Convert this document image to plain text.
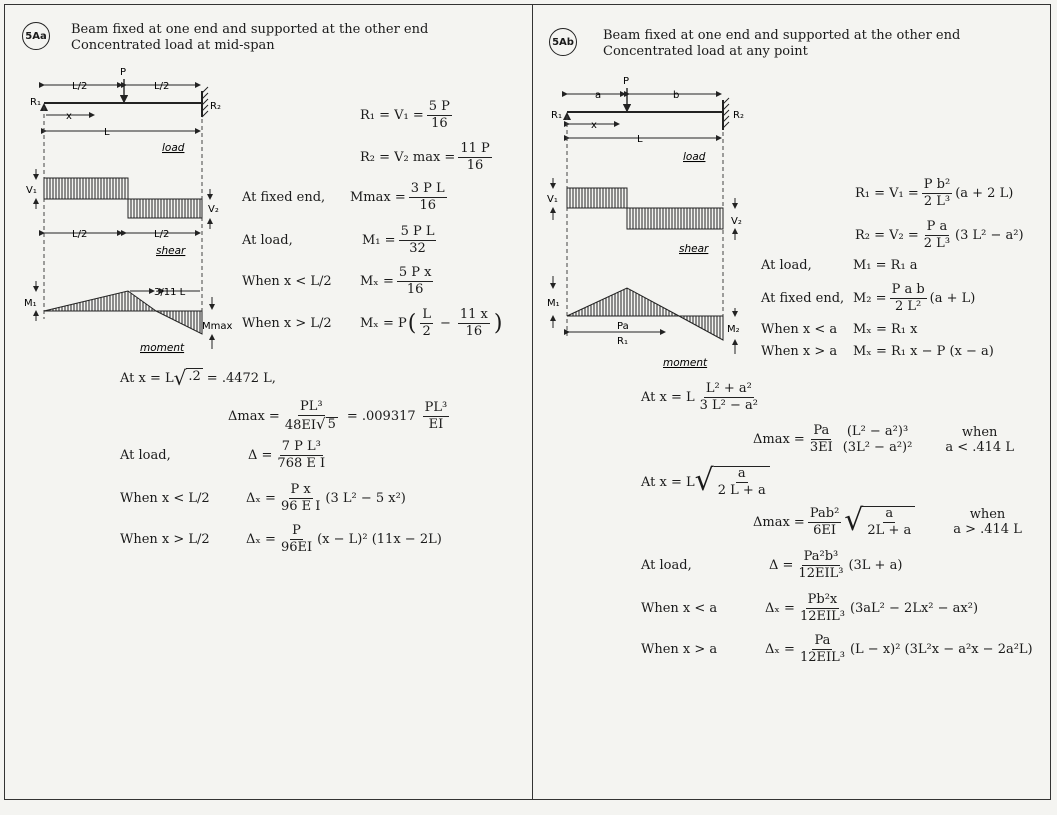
5Aa Beam fixed at one end and supported at the other end
Concentrated load at mid-span
L/2	L/2
P
R₁	R₂
x
L
load
V₁
V₂
L/2	L/2
shear
M₁
3/11 L
Mmax
moment
$R_1 = V_1 = \frac{5 P}{16}$
R₂ = V₂ $\max = \frac{11 P}{16}$
At fixed end,	$Mmax = \frac{\text{3 P L}}{16}$
At load,	$M_1 = \frac{\text{5 P L}}{32}$
When x < L/2	$M_x = \frac{\text{5 P x}}{16}$
When x > L/2	Mₓ = P ( $\frac{L}{2} - \frac{11 x}{16}$ )
At x = L √ .2 = .4472 L,
$\Delta\max = \frac{\text{PL³}}{48EI √ 5} = .009317 \frac{\text{PL³}}{EI}$
At load,	$\Delta = \frac{\text{7 P L³}}{\text{768 E I}}$
When x < L/2	$\Delta_x = \frac{\text{P x}}{\text{96 E I}} (3$ L² − 5 x²)
When x > L/2	$\Delta_x = \frac{P}{96EI} (x - L)^2$ (11x − 2L)
5Ab Beam fixed at one end and supported at the other end
Concentrated load at any point
a	b
P
R₁	R₂
x
L
load
V₁
V₂
shear
M₁
M₂
Pa
R₁
moment
$R_1 = V_1 = \frac{\text{P b²}}{\text{2 L³}} (a + 2$ L)
$R_2 = V_2 = \frac{\text{P a}}{\text{2 L³}} (3$ L² − a²)
At load,	M₁ = R₁ a
At fixed end, $M_2 = \frac{\text{P a b}}{\text{2 L²}} (a + L)$
When x < a	Mₓ = R₁ x
When x > a	Mₓ = R₁ x − P (x − a)
At x = L $\frac{\text{L² + a²}}{\text{3 L² − a²}}$
$\Delta\max = \frac{Pa}{3EI} (L^2 - a^2)^3$
(3L² − a²)²
when
a < .414 L
At x = L √ $\frac{a}{2 L + a}$
$\Delta\max = \frac{\text{Pab²}}{6EI}$ √ $\frac{a}{2L + a}$	when
a > .414 L
At load,	$\Delta = \frac{\text{Pa²b³}}{\text{12EIL³}} (3L + a)$
When x < a	$\Delta_x = \frac{\text{Pb²x}}{\text{12EIL³}} (3aL^2 - 2Lx^2 - ax^2)$
When x > a	$\Delta_x = \frac{Pa}{\text{12EIL³}} (L - x)^2$ (3L²x − a²x − 2a²L)
